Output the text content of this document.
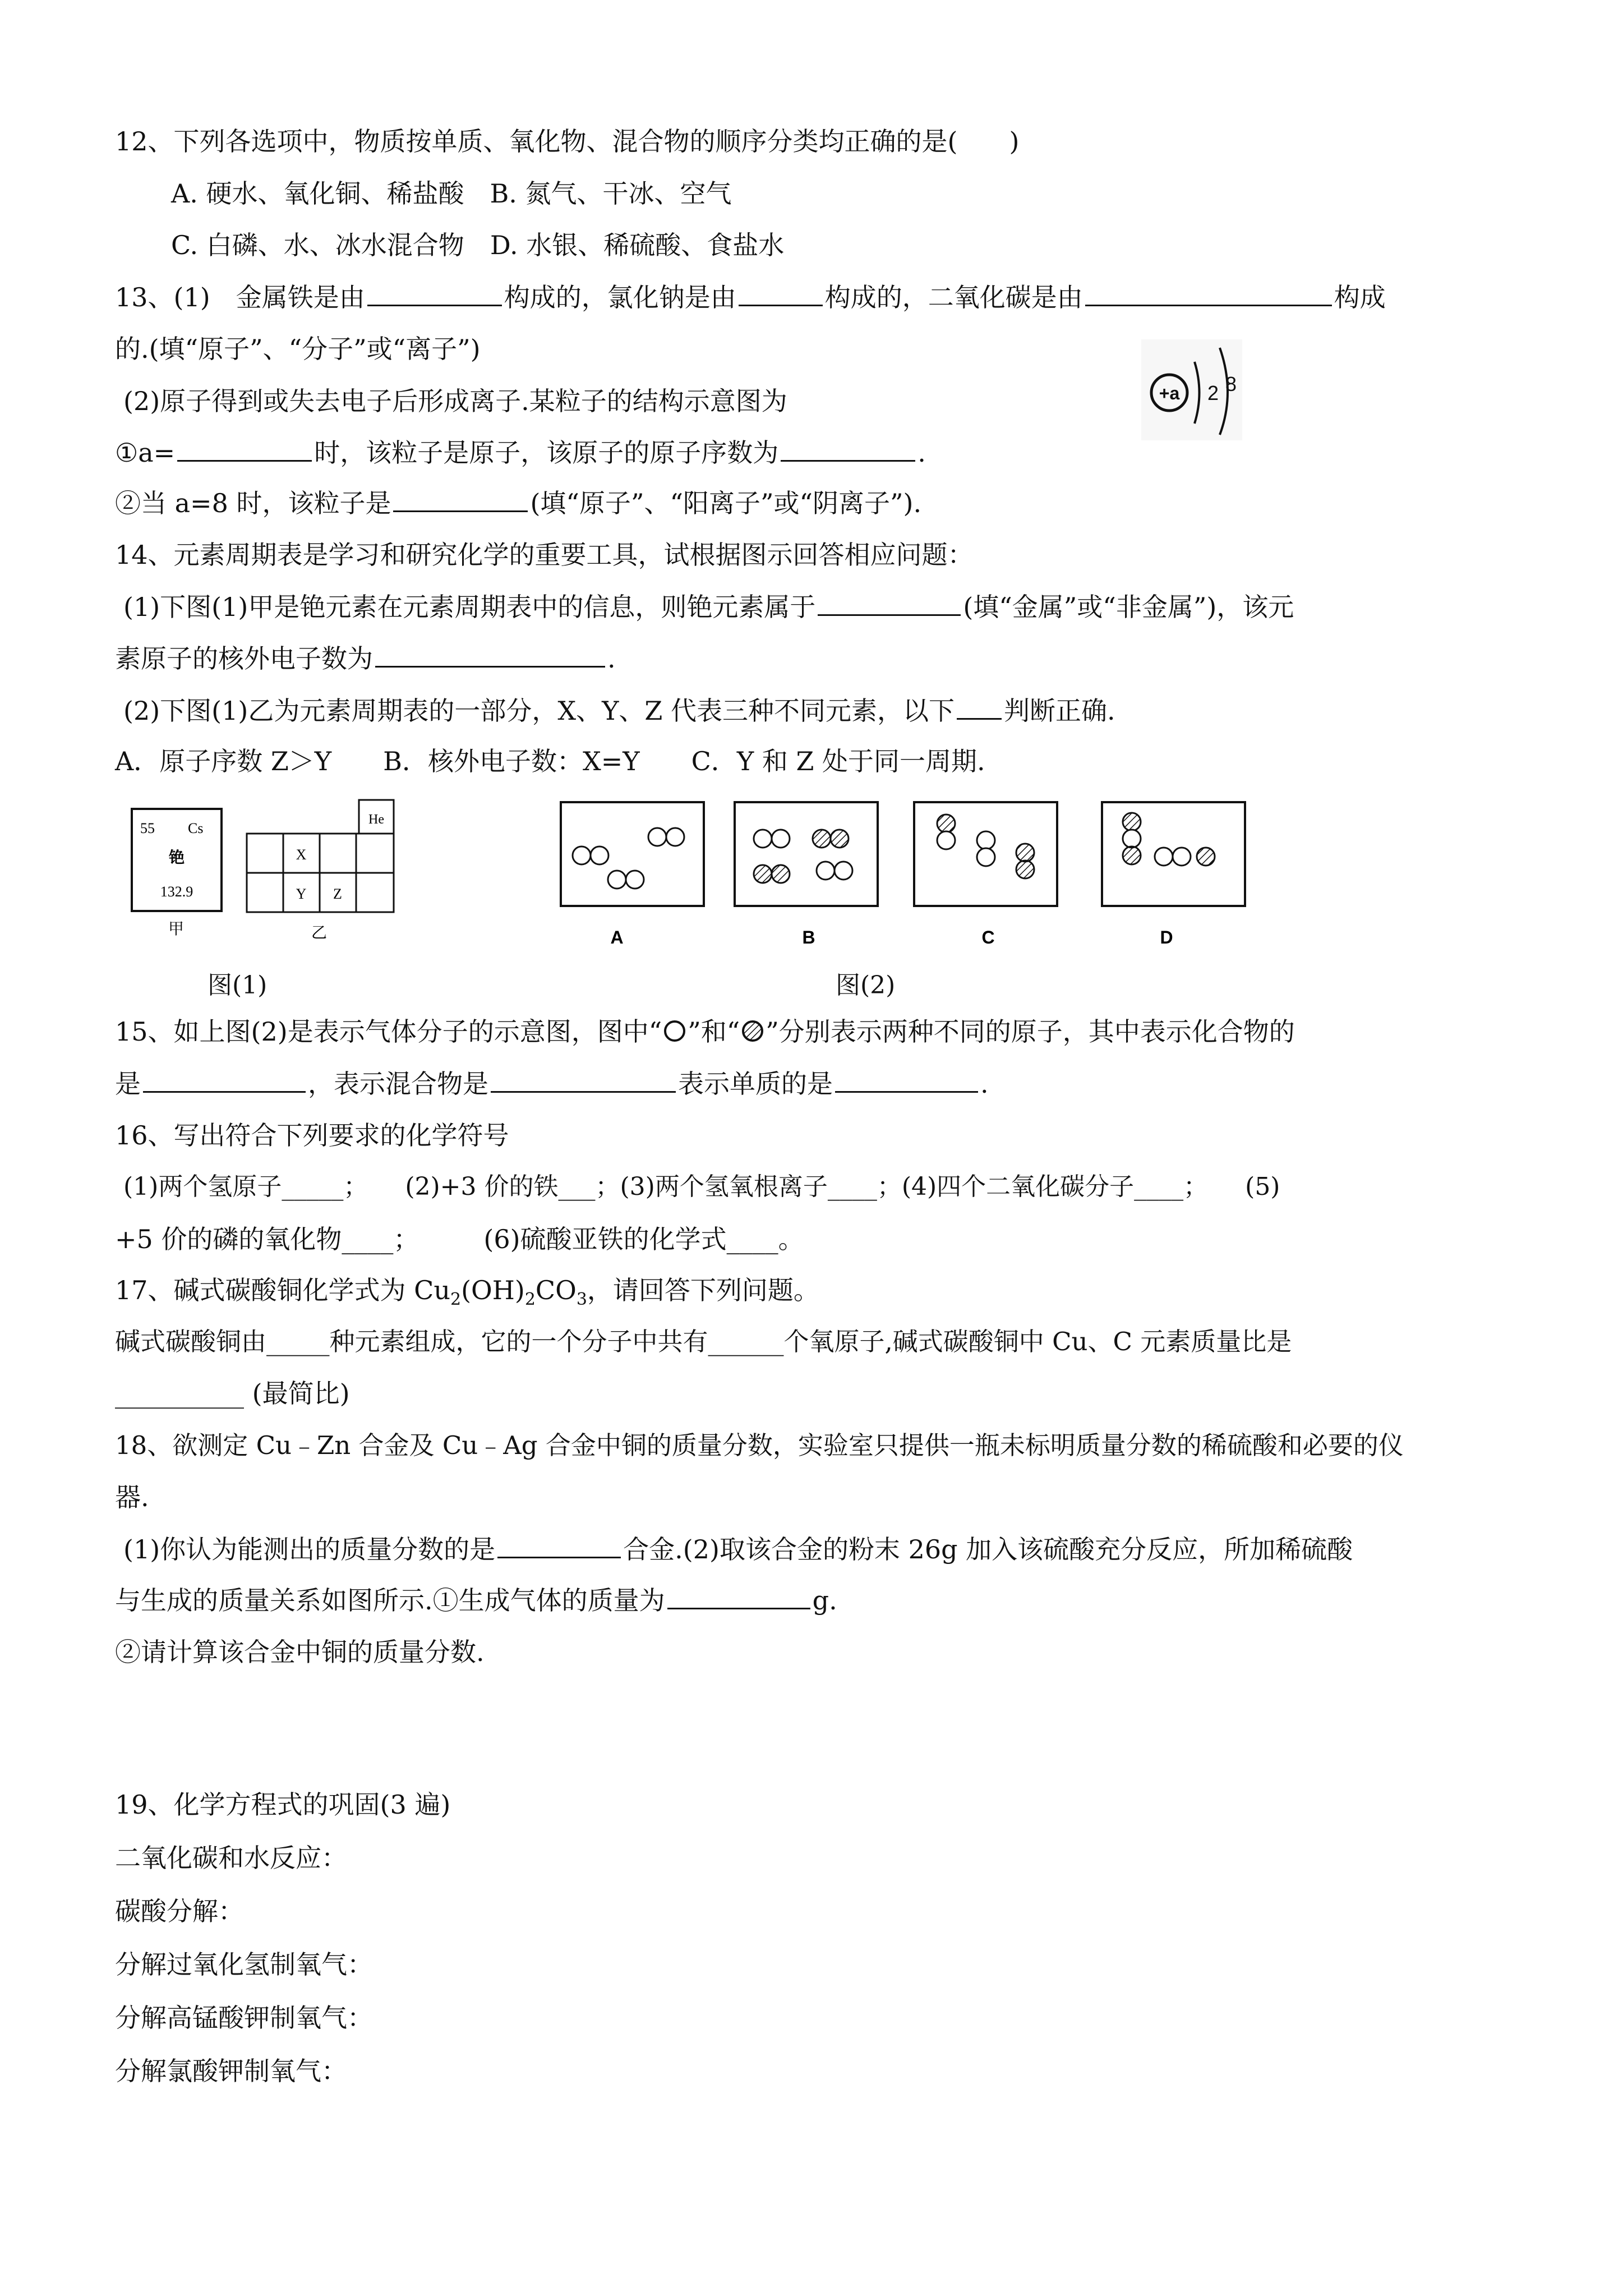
12、下列各选项中，物质按单质、氧化物、混合物的顺序分类均正确的是(　　)
A. 硬水、氧化铜、稀盐酸　 B. 氮气、干冰、空气
C. 白磷、水、冰水混合物　 D. 水银、稀硫酸、食盐水
13、(1)　金属铁是由	构成的，氯化钠是由	构成的，二氧化碳是由	构成
的.(填“原子”、“分子”或“离子”)
(2)原子得到或失去电子后形成离子.某粒子的结构示意图为	+a 2 8
①a=	时，该粒子是原子，该原子的原子序数为	.
②当 a=8 时，该粒子是	(填“原子”、“阳离子”或“阴离子”).
14、元素周期表是学习和研究化学的重要工具，试根据图示回答相应问题：
(1)下图(1)甲是铯元素在元素周期表中的信息，则铯元素属于	(填“金属”或“非金属”)，该元
素原子的核外电子数为	.
(2)下图(1)乙为元素周期表的一部分，X、Y、Z 代表三种不同元素，以下 判断正确.
A．原子序数 Z＞Y　　B．核外电子数：X=Y　　C．Y 和 Z 处于同一周期.
55 Cs
铯
132.9
甲
He
X
Y Z
乙	A	B	C	D
图(1)	图(2)
15、如上图(2)是表示气体分子的示意图，图中“ ”和“ ”分别表示两种不同的原子，其中表示化合物的
是	，表示混合物是	表示单质的是	.
16、写出符合下列要求的化学符号
(1)两个氢原子_____；　　(2)+3 价的铁___；(3)两个氢氧根离子____；(4)四个二氧化碳分子____；　　(5)
+5 价的磷的氧化物____；　　　(6)硫酸亚铁的化学式____。
17、碱式碳酸铜化学式为 $Cu_2(OH)_2CO_3$，请回答下列问题。
碱式碳酸铜由_____种元素组成，它的一个分子中共有______个氧原子,碱式碳酸铜中 Cu、C 元素质量比是
__________ (最简比)
18、欲测定 Cu﹣Zn 合金及 Cu﹣Ag 合金中铜的质量分数，实验室只提供一瓶未标明质量分数的稀硫酸和必要的仪
器.
(1)你认为能测出的质量分数的是	合金.(2)取该合金的粉末 26g 加入该硫酸充分反应，所加稀硫酸
与生成的质量关系如图所示.①生成气体的质量为	g.
②请计算该合金中铜的质量分数.
19、化学方程式的巩固(3 遍)
二氧化碳和水反应：
碳酸分解：
分解过氧化氢制氧气：
分解高锰酸钾制氧气：
分解氯酸钾制氧气：
